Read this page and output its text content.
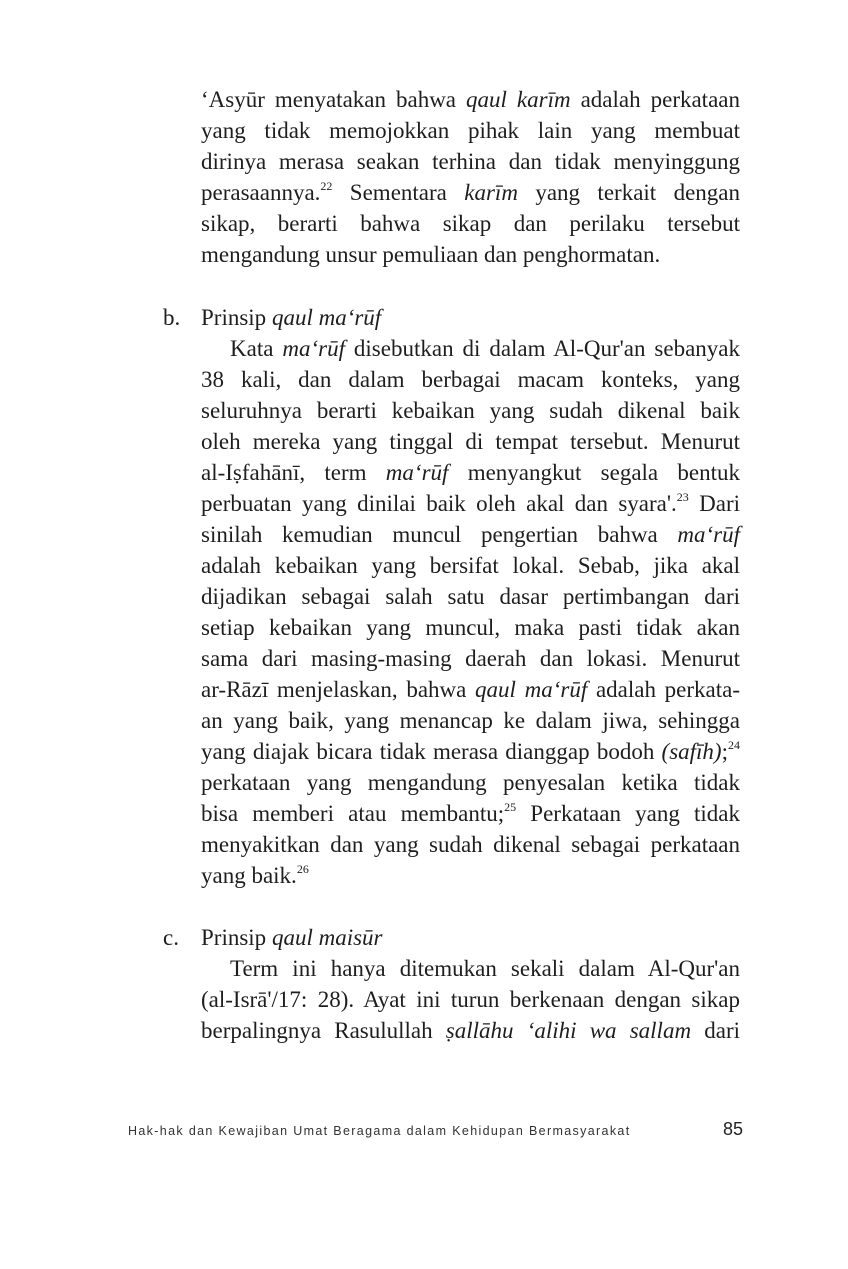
‘Asyūr menyatakan bahwa qaul karīm adalah perkataan
yang tidak memojokkan pihak lain yang membuat
dirinya merasa seakan terhina dan tidak menyinggung
perasaannya.$^{22}$ Sementara karīm yang terkait dengan
sikap, berarti bahwa sikap dan perilaku tersebut
mengandung unsur pemuliaan dan penghormatan.
b. Prinsip qaul ma‘rūf
Kata ma‘rūf disebutkan di dalam Al-Qur'an sebanyak
38 kali, dan dalam berbagai macam konteks, yang
seluruhnya berarti kebaikan yang sudah dikenal baik
oleh mereka yang tinggal di tempat tersebut. Menurut
al-Iṣfahānī, term ma‘rūf menyangkut segala bentuk
perbuatan yang dinilai baik oleh akal dan syara'.$^{23}$ Dari
sinilah kemudian muncul pengertian bahwa ma‘rūf
adalah kebaikan yang bersifat lokal. Sebab, jika akal
dijadikan sebagai salah satu dasar pertimbangan dari
setiap kebaikan yang muncul, maka pasti tidak akan
sama dari masing-masing daerah dan lokasi. Menurut
ar-Rāzī menjelaskan, bahwa qaul ma‘rūf adalah perkata-
an yang baik, yang menancap ke dalam jiwa, sehingga
yang diajak bicara tidak merasa dianggap bodoh (safīh);$^{24}$
perkataan yang mengandung penyesalan ketika tidak
bisa memberi atau membantu;$^{25}$ Perkataan yang tidak
menyakitkan dan yang sudah dikenal sebagai perkataan
yang baik.$^{26}$
c. Prinsip qaul maisūr
Term ini hanya ditemukan sekali dalam Al-Qur'an
(al-Isrā'/17: 28). Ayat ini turun berkenaan dengan sikap
berpalingnya Rasulullah ṣallāhu ‘alihi wa sallam dari
Hak-hak dan Kewajiban Umat Beragama dalam Kehidupan Bermasyarakat	85
